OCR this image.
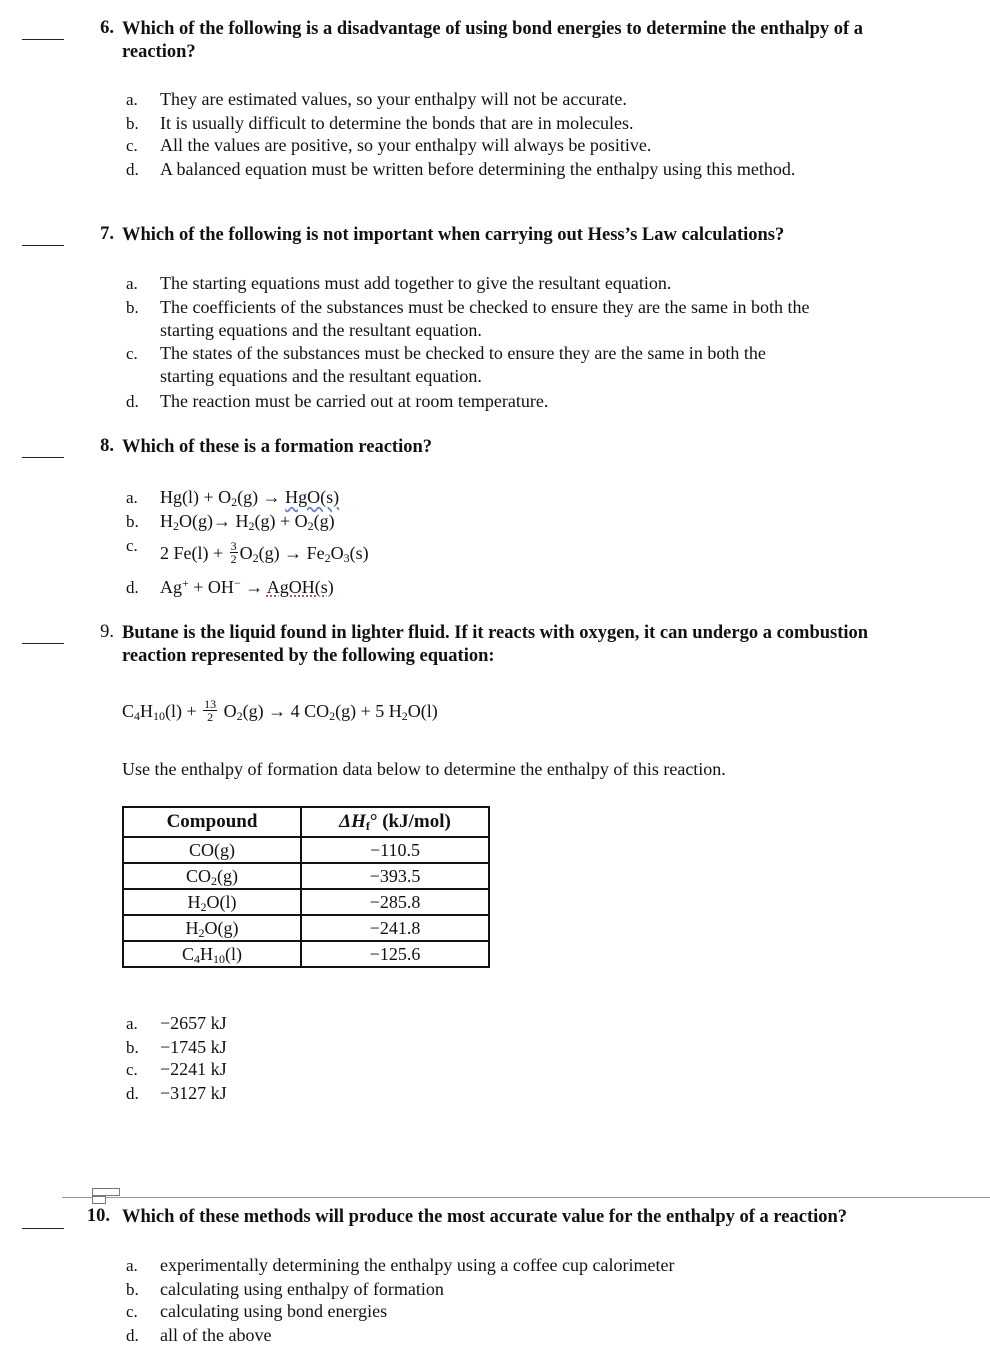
6. Which of the following is a disadvantage of using bond energies to determine the enthalpy of a
reaction?
a.	They are estimated values, so your enthalpy will not be accurate.
b.	It is usually difficult to determine the bonds that are in molecules.
c.	All the values are positive, so your enthalpy will always be positive.
d.	A balanced equation must be written before determining the enthalpy using this method.
7. Which of the following is not important when carrying out Hess’s Law calculations?
a.	The starting equations must add together to give the resultant equation.
b.	The coefficients of the substances must be checked to ensure they are the same in both the
starting equations and the resultant equation.
c.	The states of the substances must be checked to ensure they are the same in both the
starting equations and the resultant equation.
d.	The reaction must be carried out at room temperature.
8. Which of these is a formation reaction?
a.	$Hg(l) + O_2(g) \to HgO(s)$
b.	$H_2O(g)\to H_2(g) + O_2(g)$
c.	2 $Fe(l) + \frac{3}{2} O_2(g) \to Fe_2O_3(s)$
d.	Ag+ + OH− → AgOH(s)
9. Butane is the liquid found in lighter fluid. If it reacts with oxygen, it can undergo a combustion
reaction represented by the following equation:
$C_4H_{10}(l) + \frac{13}{2} O_2(g) \to 4$ $CO_2(g) + 5$ $H_2O(l)$
Use the enthalpy of formation data below to determine the enthalpy of this reaction.
Compound	$\Delta H_f^\circ$ (kJ/mol)
CO(g)	−110.5
$CO_2(g)$	−393.5
$H_2O(l)$	−285.8
$H_2O(g)$	−241.8
$C_4H_{10}(l)$	−125.6
a.	−2657 kJ
b.	−1745 kJ
c.	−2241 kJ
d.	−3127 kJ
10. Which of these methods will produce the most accurate value for the enthalpy of a reaction?
a.	experimentally determining the enthalpy using a coffee cup calorimeter
b.	calculating using enthalpy of formation
c.	calculating using bond energies
d.	all of the above
